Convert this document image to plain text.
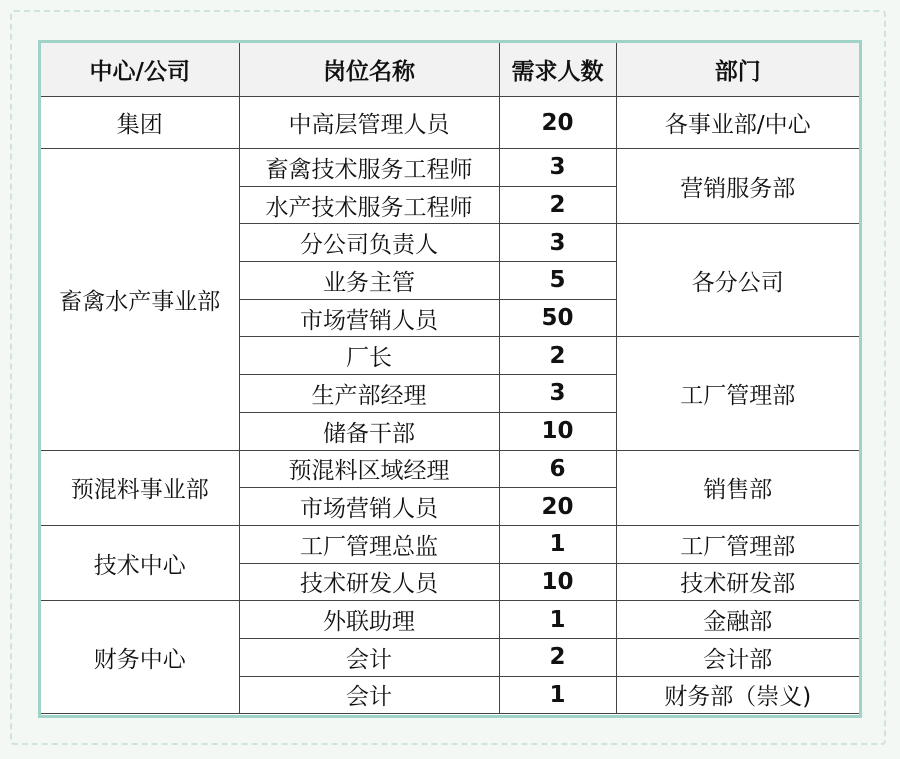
中心/公司	岗位名称	需求人数	部门
集团	中高层管理人员	20	各事业部/中心
畜禽水产事业部	畜禽技术服务工程师	3	营销服务部
	水产技术服务工程师	2	
	分公司负责人	3	各分公司
	业务主管	5	
	市场营销人员	50	
	厂长	2	工厂管理部
	生产部经理	3	
	储备干部	10	
预混料事业部	预混料区域经理	6	销售部
	市场营销人员	20	
技术中心	工厂管理总监	1	工厂管理部
	技术研发人员	10	技术研发部
财务中心	外联助理	1	金融部
	会计	2	会计部
	会计	1	财务部（崇义)
